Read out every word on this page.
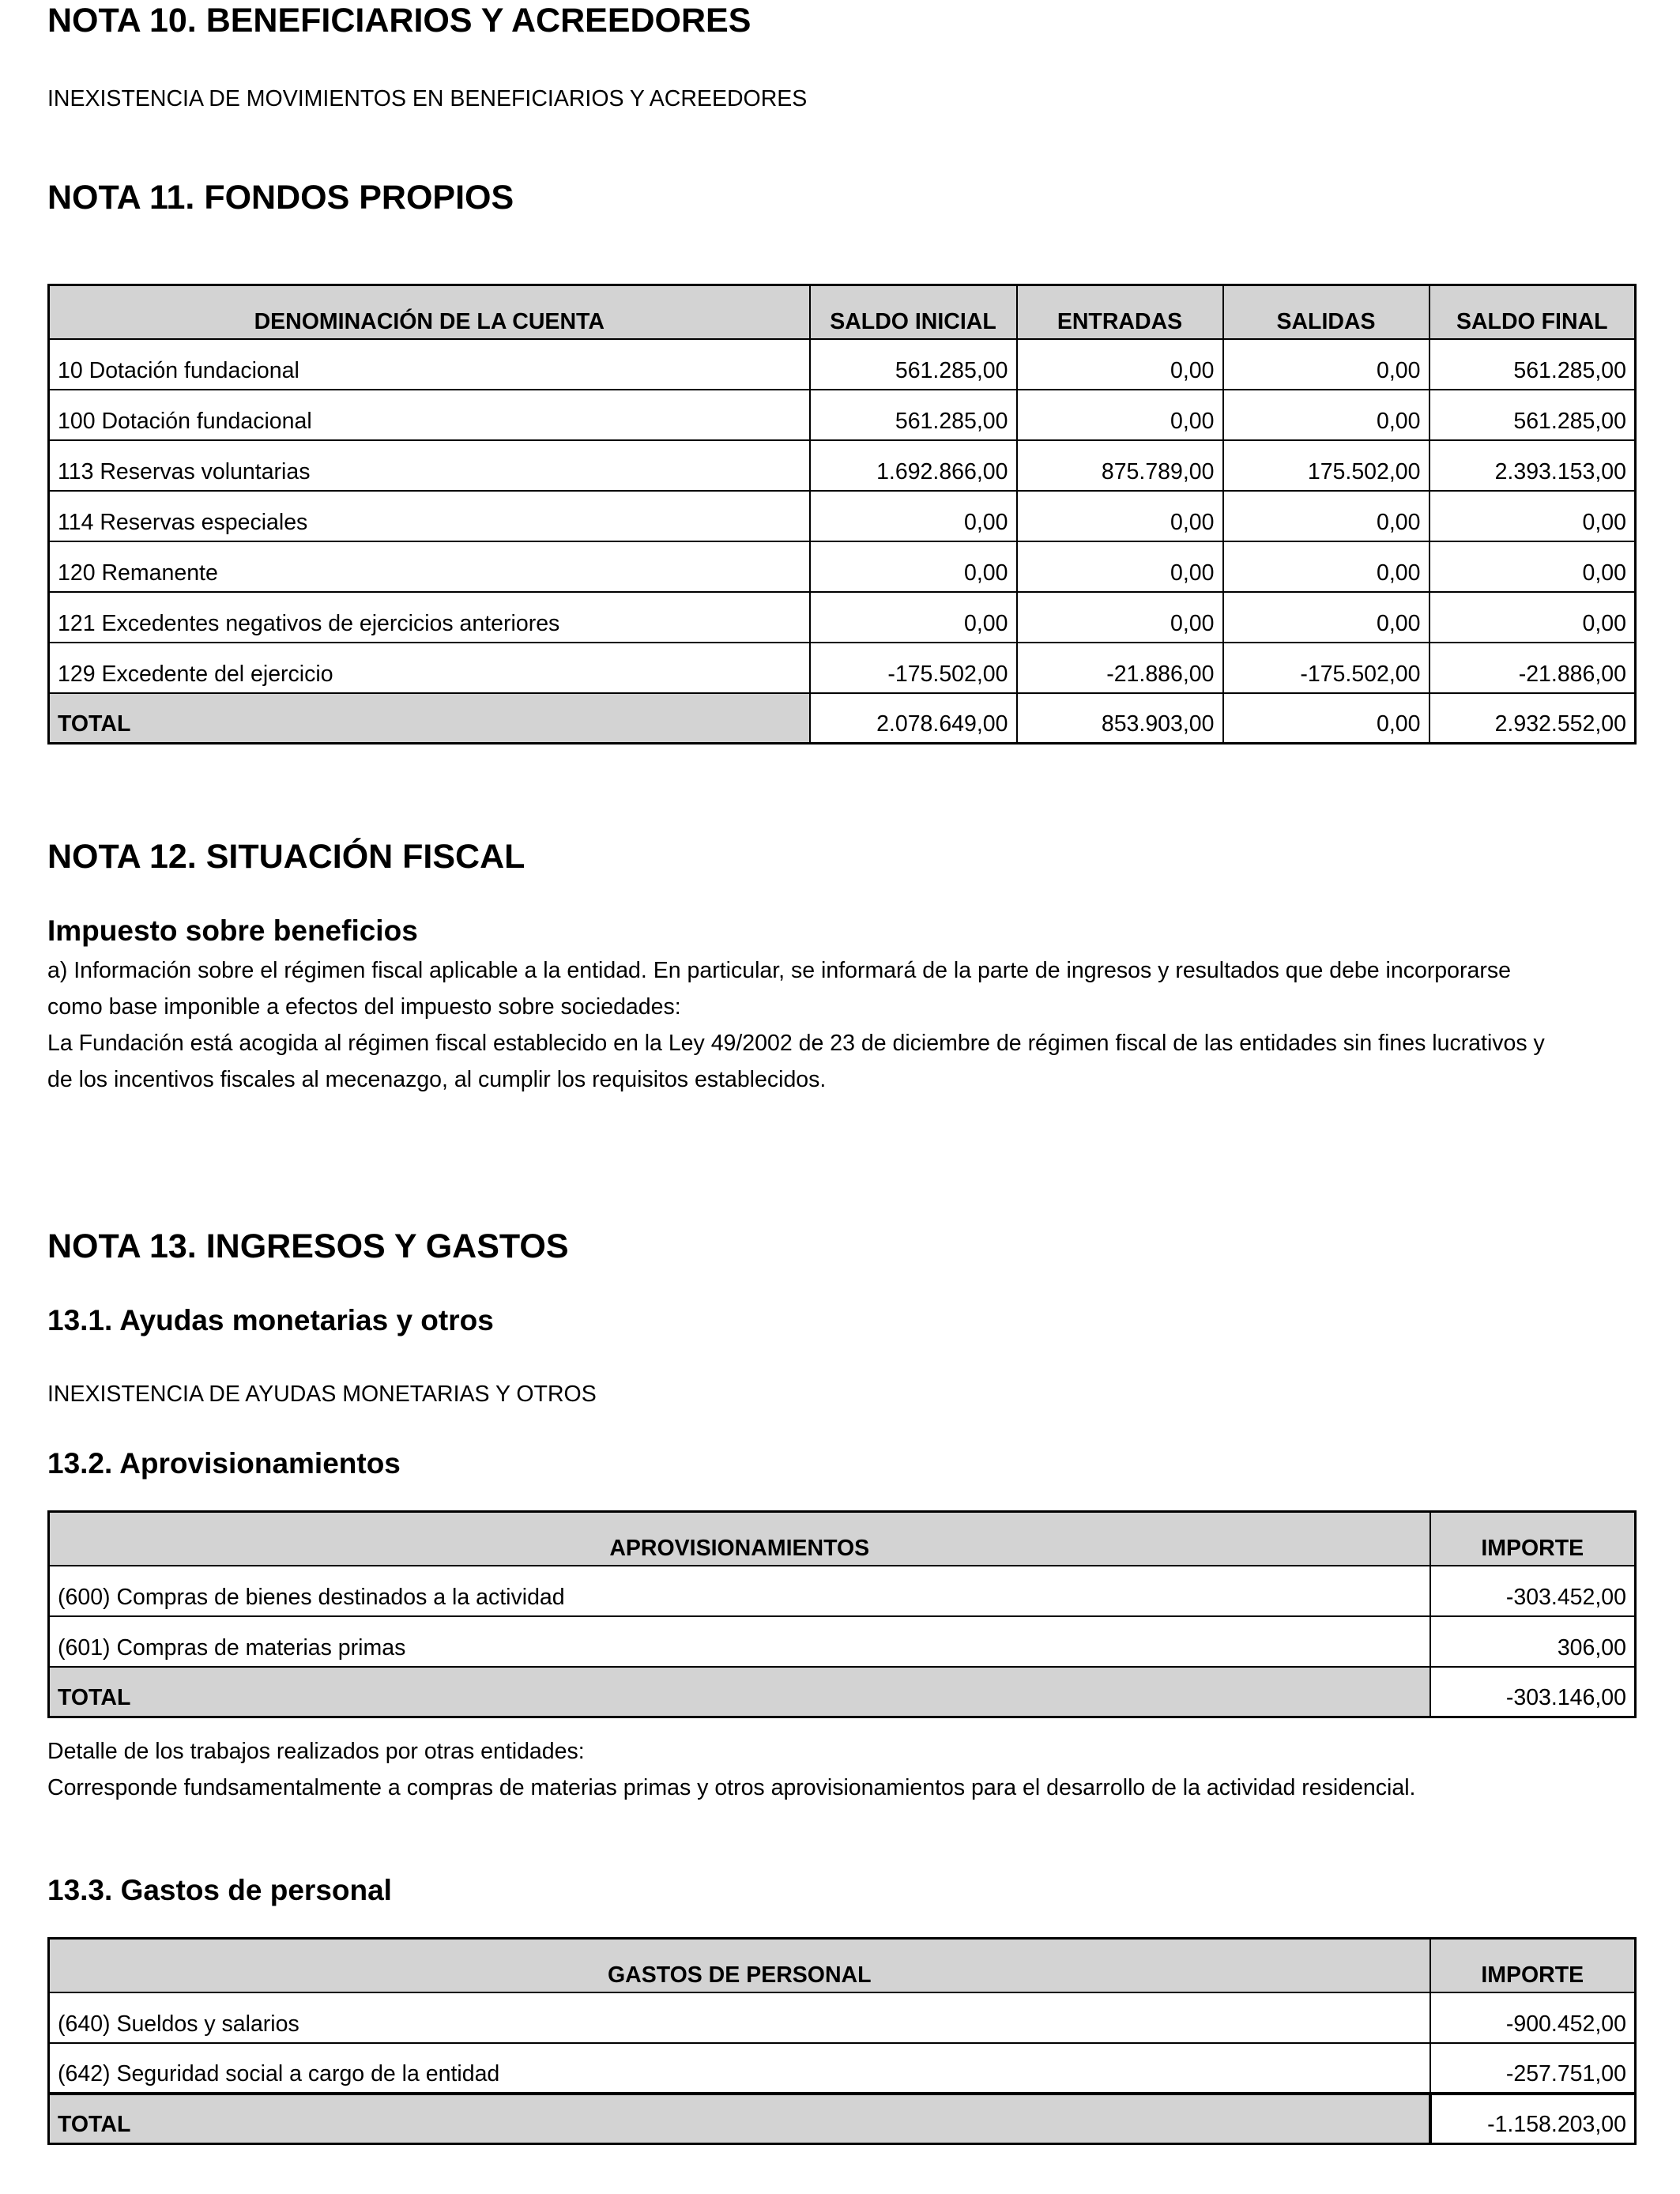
NOTA 10. BENEFICIARIOS Y ACREEDORES
INEXISTENCIA DE MOVIMIENTOS EN BENEFICIARIOS Y ACREEDORES
NOTA 11. FONDOS PROPIOS
DENOMINACIÓN DE LA CUENTA	SALDO INICIAL	ENTRADAS	SALIDAS	SALDO FINAL
10 Dotación fundacional	561.285,00	0,00	0,00	561.285,00
100 Dotación fundacional	561.285,00	0,00	0,00	561.285,00
113 Reservas voluntarias	1.692.866,00	875.789,00	175.502,00	2.393.153,00
114 Reservas especiales	0,00	0,00	0,00	0,00
120 Remanente	0,00	0,00	0,00	0,00
121 Excedentes negativos de ejercicios anteriores	0,00	0,00	0,00	0,00
129 Excedente del ejercicio	-175.502,00	-21.886,00	-175.502,00	-21.886,00
TOTAL	2.078.649,00	853.903,00	0,00	2.932.552,00
NOTA 12. SITUACIÓN FISCAL
Impuesto sobre beneficios
a) Información sobre el régimen fiscal aplicable a la entidad. En particular, se informará de la parte de ingresos y resultados que debe incorporarse
como base imponible a efectos del impuesto sobre sociedades:
La Fundación está acogida al régimen fiscal establecido en la Ley 49/2002 de 23 de diciembre de régimen fiscal de las entidades sin fines lucrativos y
de los incentivos fiscales al mecenazgo, al cumplir los requisitos establecidos.
NOTA 13. INGRESOS Y GASTOS
13.1. Ayudas monetarias y otros
INEXISTENCIA DE AYUDAS MONETARIAS Y OTROS
13.2. Aprovisionamientos
APROVISIONAMIENTOS	IMPORTE
(600) Compras de bienes destinados a la actividad	-303.452,00
(601) Compras de materias primas	306,00
TOTAL	-303.146,00
Detalle de los trabajos realizados por otras entidades:
Corresponde fundsamentalmente a compras de materias primas y otros aprovisionamientos para el desarrollo de la actividad residencial.
13.3. Gastos de personal
GASTOS DE PERSONAL	IMPORTE
(640) Sueldos y salarios	-900.452,00
(642) Seguridad social a cargo de la entidad	-257.751,00
TOTAL	-1.158.203,00
